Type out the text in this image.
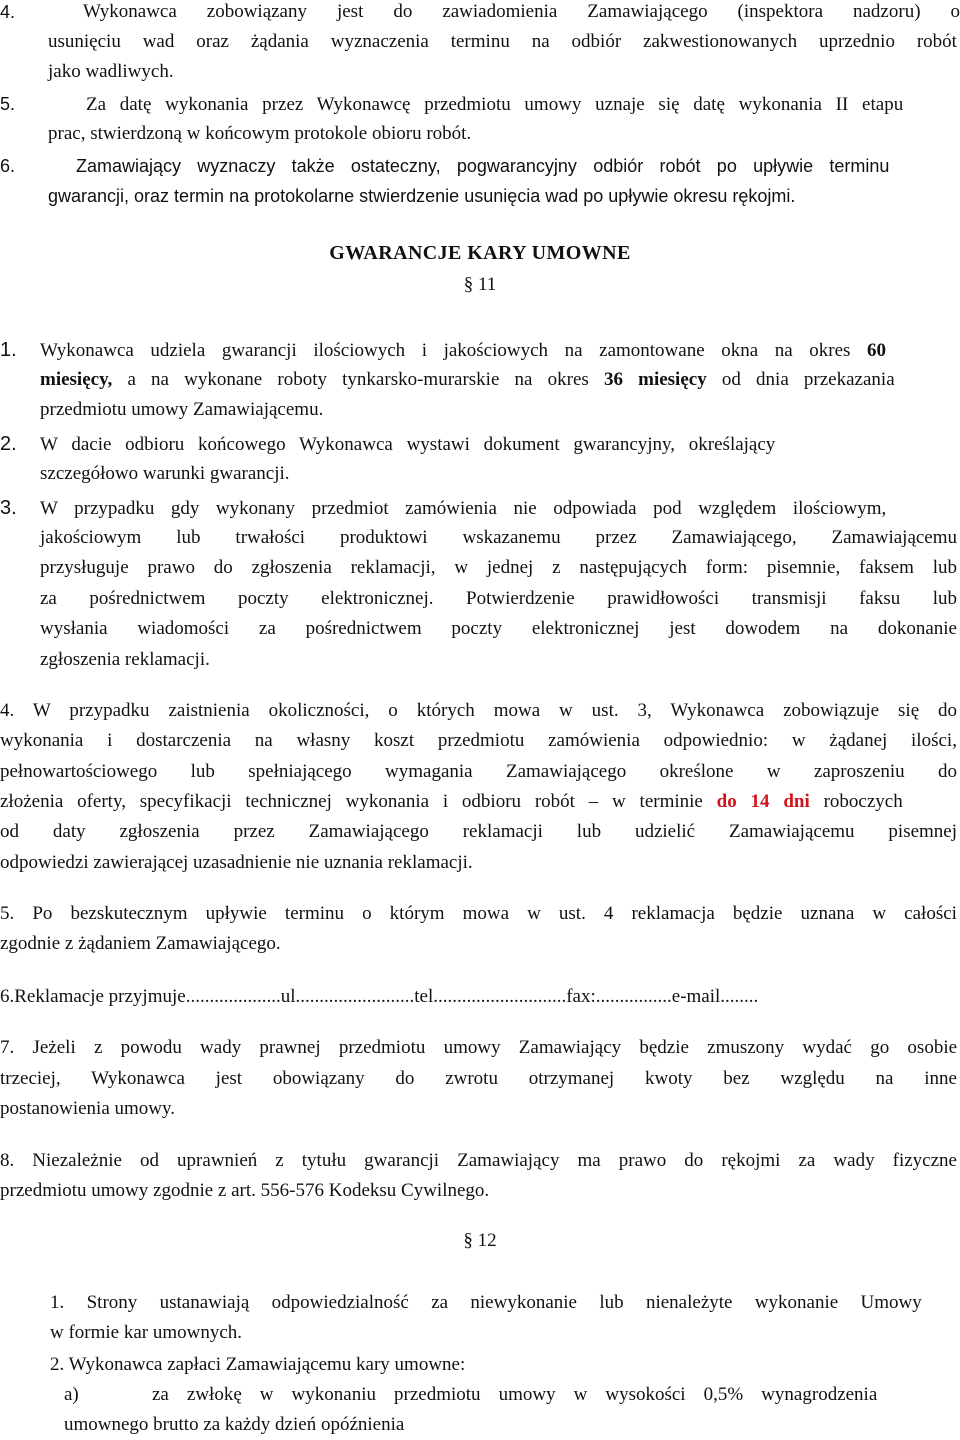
4.	Wykonawca zobowiązany jest do zawiadomienia Zamawiającego (inspektora nadzoru) o
usunięciu wad oraz żądania wyznaczenia terminu na odbiór zakwestionowanych uprzednio robót
jako wadliwych.
5.	Za datę wykonania przez Wykonawcę przedmiotu umowy uznaje się datę wykonania II etapu
prac, stwierdzoną w końcowym protokole obioru robót.
6.	Zamawiający wyznaczy także ostateczny, pogwarancyjny odbiór robót po upływie terminu
gwarancji, oraz termin na protokolarne stwierdzenie usunięcia wad po upływie okresu rękojmi.
GWARANCJE KARY UMOWNE
§ 11
1. Wykonawca udziela gwarancji ilościowych i jakościowych na zamontowane okna na okres 60
miesięcy, a na wykonane roboty tynkarsko-murarskie na okres 36 miesięcy od dnia przekazania
przedmiotu umowy Zamawiającemu.
2. W dacie odbioru końcowego Wykonawca wystawi dokument gwarancyjny, określający
szczegółowo warunki gwarancji.
3. W przypadku gdy wykonany przedmiot zamówienia nie odpowiada pod względem ilościowym,
jakościowym lub trwałości produktowi wskazanemu przez Zamawiającego, Zamawiającemu
przysługuje prawo do zgłoszenia reklamacji, w jednej z następujących form: pisemnie, faksem lub
za pośrednictwem poczty elektronicznej. Potwierdzenie prawidłowości transmisji faksu lub
wysłania wiadomości za pośrednictwem poczty elektronicznej jest dowodem na dokonanie
zgłoszenia reklamacji.
4. W przypadku zaistnienia okoliczności, o których mowa w ust. 3, Wykonawca zobowiązuje się do
wykonania i dostarczenia na własny koszt przedmiotu zamówienia odpowiednio: w żądanej ilości,
pełnowartościowego lub spełniającego wymagania Zamawiającego określone w zaproszeniu do
złożenia oferty, specyfikacji technicznej wykonania i odbioru robót – w terminie do 14 dni roboczych
od daty zgłoszenia przez Zamawiającego reklamacji lub udzielić Zamawiającemu pisemnej
odpowiedzi zawierającej uzasadnienie nie uznania reklamacji.
5. Po bezskutecznym upływie terminu o którym mowa w ust. 4 reklamacja będzie uznana w całości
zgodnie z żądaniem Zamawiającego.
6.Reklamacje przyjmuje....................ul.........................tel............................fax:................e-mail........
7. Jeżeli z powodu wady prawnej przedmiotu umowy Zamawiający będzie zmuszony wydać go osobie
trzeciej, Wykonawca jest obowiązany do zwrotu otrzymanej kwoty bez względu na inne
postanowienia umowy.
8. Niezależnie od uprawnień z tytułu gwarancji Zamawiający ma prawo do rękojmi za wady fizyczne
przedmiotu umowy zgodnie z art. 556-576 Kodeksu Cywilnego.
§ 12
1. Strony ustanawiają odpowiedzialność za niewykonanie lub nienależyte wykonanie Umowy
w formie kar umownych.
2. Wykonawca zapłaci Zamawiającemu kary umowne:
a)	za zwłokę w wykonaniu przedmiotu umowy w wysokości 0,5% wynagrodzenia
umownego brutto za każdy dzień opóźnienia
